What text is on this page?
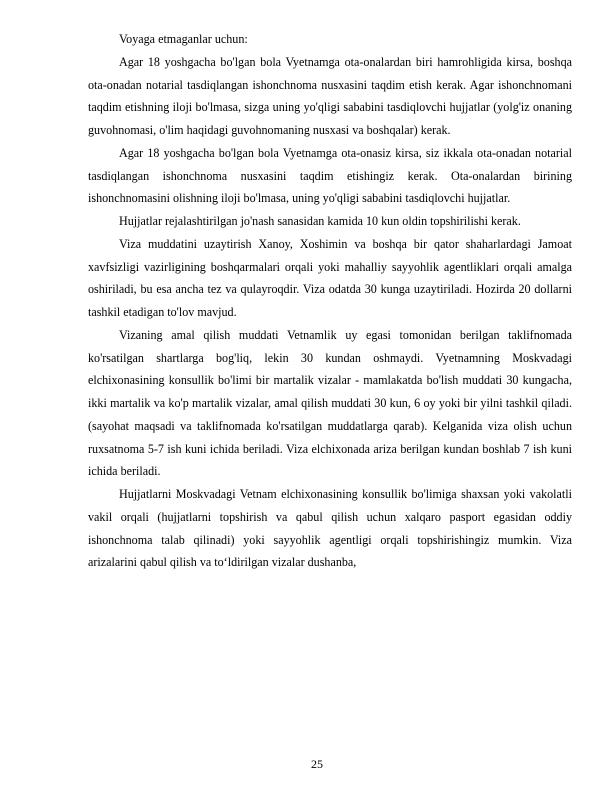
Voyaga etmaganlar uchun:

Agar 18 yoshgacha bo'lgan bola Vyetnamga ota-onalardan biri hamrohligida kirsa, boshqa ota-onadan notarial tasdiqlangan ishonchnoma nusxasini taqdim etish kerak. Agar ishonchnomani taqdim etishning iloji bo'lmasa, sizga uning yo'qligi sababini tasdiqlovchi hujjatlar (yolg'iz onaning guvohnomasi, o'lim haqidagi guvohnomaning nusxasi va boshqalar) kerak.

Agar 18 yoshgacha bo'lgan bola Vyetnamga ota-onasiz kirsa, siz ikkala ota-onadan notarial tasdiqlangan ishonchnoma nusxasini taqdim etishingiz kerak. Ota-onalardan birining ishonchnomasini olishning iloji bo'lmasa, uning yo'qligi sababini tasdiqlovchi hujjatlar.

Hujjatlar rejalashtirilgan jo'nash sanasidan kamida 10 kun oldin topshirilishi kerak.

Viza muddatini uzaytirish Xanoy, Xoshimin va boshqa bir qator shaharlardagi Jamoat xavfsizligi vazirligining boshqarmalari orqali yoki mahalliy sayyohlik agentliklari orqali amalga oshiriladi, bu esa ancha tez va qulayroqdir. Viza odatda 30 kunga uzaytiriladi. Hozirda 20 dollarni tashkil etadigan to'lov mavjud.

Vizaning amal qilish muddati Vetnamlik uy egasi tomonidan berilgan taklifnomada ko'rsatilgan shartlarga bog'liq, lekin 30 kundan oshmaydi. Vyetnamning Moskvadagi elchixonasining konsullik bo'limi bir martalik vizalar - mamlakatda bo'lish muddati 30 kungacha, ikki martalik va ko'p martalik vizalar, amal qilish muddati 30 kun, 6 oy yoki bir yilni tashkil qiladi. (sayohat maqsadi va taklifnomada ko'rsatilgan muddatlarga qarab). Kelganida viza olish uchun ruxsatnoma 5-7 ish kuni ichida beriladi. Viza elchixonada ariza berilgan kundan boshlab 7 ish kuni ichida beriladi.

Hujjatlarni Moskvadagi Vetnam elchixonasining konsullik bo'limiga shaxsan yoki vakolatli vakil orqali (hujjatlarni topshirish va qabul qilish uchun xalqaro pasport egasidan oddiy ishonchnoma talab qilinadi) yoki sayyohlik agentligi orqali topshirishingiz mumkin. Viza arizalarini qabul qilish va toʻldirilgan vizalar dushanba,

25
